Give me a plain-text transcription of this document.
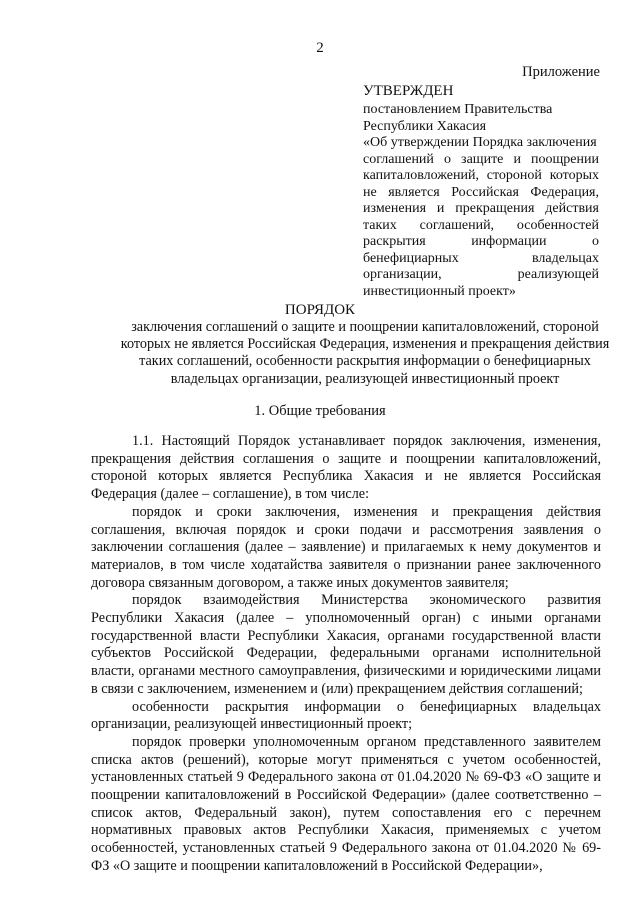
2
Приложение
УТВЕРЖДЕН
постановлением Правительства
Республики Хакасия
«Об утверждении Порядка заключения
соглашений о защите и поощрении
капиталовложений, стороной которых
не является Российская Федерация,
изменения и прекращения действия
таких соглашений, особенностей
раскрытия информации о
бенефициарных владельцах
организации, реализующей
инвестиционный проект»
ПОРЯДОК
заключения соглашений о защите и поощрении капиталовложений, стороной
которых не является Российская Федерация, изменения и прекращения действия
таких соглашений, особенности раскрытия информации о бенефициарных
владельцах организации, реализующей инвестиционный проект
1. Общие требования

1.1. Настоящий Порядок устанавливает порядок заключения, изменения, прекращения действия соглашения о защите и поощрении капиталовложений, стороной которых является Республика Хакасия и не является Российская Федерация (далее – соглашение), в том числе:

порядок и сроки заключения, изменения и прекращения действия соглашения, включая порядок и сроки подачи и рассмотрения заявления о заключении соглашения (далее – заявление) и прилагаемых к нему документов и материалов, в том числе ходатайства заявителя о признании ранее заключенного договора связанным договором, а также иных документов заявителя;

порядок взаимодействия Министерства экономического развития Республики Хакасия (далее – уполномоченный орган) с иными органами государственной власти Республики Хакасия, органами государственной власти субъектов Российской Федерации, федеральными органами исполнительной власти, органами местного самоуправления, физическими и юридическими лицами в связи с заключением, изменением и (или) прекращением действия соглашений;

особенности раскрытия информации о бенефициарных владельцах организации, реализующей инвестиционный проект;

порядок проверки уполномоченным органом представленного заявителем списка актов (решений), которые могут применяться с учетом особенностей, установленных статьей 9 Федерального закона от 01.04.2020 № 69-ФЗ «О защите и поощрении капиталовложений в Российской Федерации» (далее соответственно – список актов, Федеральный закон), путем сопоставления его с перечнем нормативных правовых актов Республики Хакасия, применяемых с учетом особенностей, установленных статьей 9 Федерального закона от 01.04.2020 № 69-ФЗ «О защите и поощрении капиталовложений в Российской Федерации»,
